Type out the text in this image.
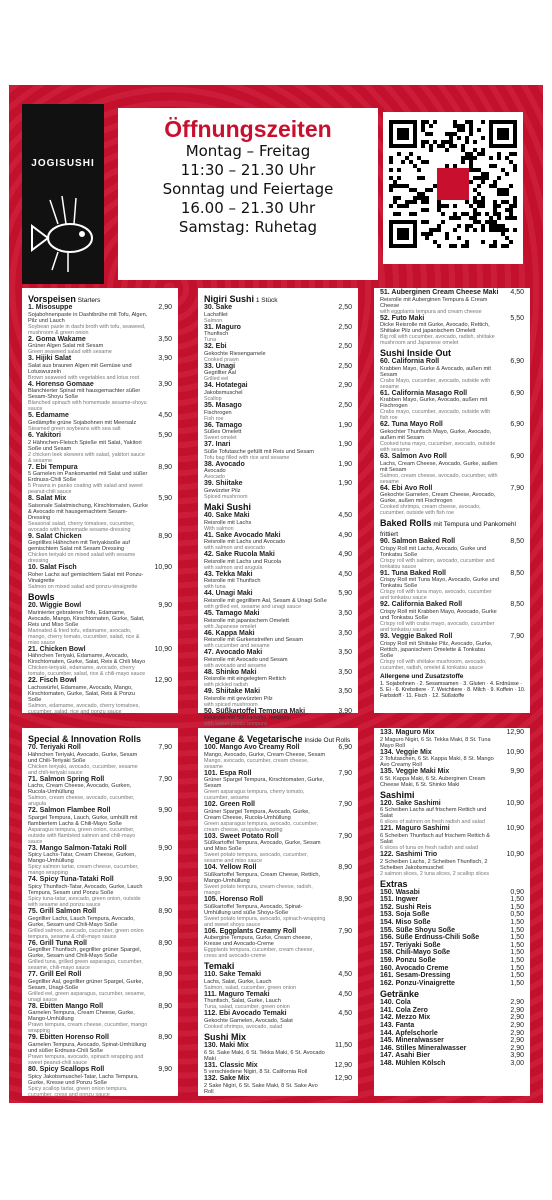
JOGISUSHI
Öffnungszeiten
Montag – Freitag
11:30 – 21.30 Uhr
Sonntag und Feiertage
16.00 – 21.30 Uhr
Samstag: Ruhetag
Vorspeisen Starters
1. Misosuppe	2,90
Sojabohnenpaste in Dashibrühe mit Tofu, Algen, Pilz und Lauch
Soybean paste in dashi broth with tofu, seaweed, mushroom & green onion
2. Goma Wakame	3,50
Grüner Algen Salat mit Sesam
Green seaweed salad with sesame
3. Hijiki Salat	3,90
Salat aus braunen Algen mit Gemüse und Lotuswurzeln
Brown seaweed with vegetables and lotus root
4. Horenso Gomaae	3,90
Blanchierter Spinat mit hausgemachter süßer Sesam-Shoyu Soße
Blanched spinach with homemade sesame-shoyu sauce
5. Edamame	4,50
Gedämpfte grüne Sojabohnen mit Meersalz
Steamed green soybeans with sea salt
6. Yakitori	5,90
2 Hähnchen-Fleisch Spieße mit Salat, Yakitori Soße und Sesam
2 chicken leek skewers with salad, yakitori sauce & sesame
7. Ebi Tempura	8,90
5 Garnelen im Pankomantel mit Salat und süßer Erdnuss-Chili Soße
5 Prawns in panko coating with salad and sweet peanut-chili sauce
8. Salat Mix	5,90
Saisonale Salatmischung, Kirschtomaten, Gurke & Avocado mit hausgemachtem Sesam-Dressing
Seasonal salad, cherry tomatoes, cucumber, avocado with homemade sesame-dressing
9. Salat Chicken	8,90
Gegrilltes Hähnchen mit Teriyakisoße auf gemischtem Salat mit Sesam Dressing
Chicken teriyaki on mixed salad with sesame dressing
10. Salat Fisch	10,90
Roher Lachs auf gemischtem Salat mit Ponzu-Vinaigrette
Salmon on mixed salad and ponzu-vinaigrette
Bowls
20. Wiggie Bowl	9,90
Marinierter gebratener Tofu, Edamame, Avocado, Mango, Kirschtomaten, Gurke, Salat, Reis und Miso Soße
Marinated & fried tofu, edamame, avocado, mango, cherry tomato, cucumber, salad, rice & miso sauce
21. Chicken Bowl	10,90
Hähnchen Teriyaki, Edamame, Avocado, Kirschtomaten, Gurke, Salat, Reis & Chili Mayo
Chicken-teriyaki, edamame, avocado, cherry tomato, cucumber, salad, rice & chili-mayo sauce
22. Fisch Bowl	12,90
Lachswürfel, Edamame, Avocado, Mango, Kirschtomaten, Gurke, Salat, Reis & Ponzu Soße
Salmon, edamame, avocado, cherry tomatoes, cucumber, salad, rice and ponzu sauce
Nigiri Sushi 1 Stück
30. Sake	2,50
Lachsfilet
Salmon
31. Maguro	2,50
Thunfisch
Tuna
32. Ebi	2,50
Gekochte Riesengarnele
Cooked prawn
33. Unagi	2,50
Gegrillter Aal
Grilled eel
34. Hotategai	2,90
Jakobsmuschel
Scallop
35. Masago	2,50
Fischrogen
Fish roe
36. Tamago	1,90
Süßes Omelett
Sweet omelet
37. Inari	1,90
Süße Tofutasche gefüllt mit Reis und Sesam
Tofu bag filled with rice and sesame
38. Avocado	1,90
Avocado
Avocado
39. Shiitake	1,90
Gewürzter Pilz
Spiced mushroom
Maki Sushi
40. Sake Maki	4,50
Reisrolle mit Lachs
With salmon
41. Sake Avocado Maki	4,90
Reisrolle mit Lachs und Avocado
with salmon and avocado
42. Sake Rucola Maki	4,90
Reisrolle mit Lachs und Rucola
with salmon and arugula
43. Tekka Maki	4,50
Reisrolle mit Thunfisch
with tuna
44. Unagi Maki	5,90
Reisrolle mit gegrilltem Aal, Sesam & Unagi Soße
with grilled eel, sesame and unagi sauce
45. Tamago Maki	3,50
Reisrolle mit japanischem Omelett
with Japanese omelet
46. Kappa Maki	3,50
Reisrolle mit Gurkenstreifen und Sesam
with cucumber and sesame
47. Avocado Maki	3,50
Reisrolle mit Avocado und Sesam
with avocado and sesame
48. Shinko Maki	3,50
Reisrolle mit eingelegtem Rettich
with pickled radish
49. Shiitake Maki	3,50
Reisrolle mit gewürzten Pilz
with spiced mushroom
50. Süßkartoffel Tempura Maki	3,90
Reisrolle mit Süßkartoffel Tempura
with sweet potato tempura
51. Auberginen Cream Cheese Maki 4,50
Reisrolle mit Auberginen Tempura & Cream Cheese
with eggplants tempura and cream cheese
52. Futo Maki	5,50
Dicke Reisrolle mit Gurke, Avocado, Rettich, Shiitake Pilz und japanischem Omelett
Big roll with cucumber, avocado, radish, shiitake mushroom and Japanese omelet
Sushi Inside Out
60. California Roll	6,90
Krabben Mayo, Gurke & Avocado, außen mit Sesam
Crabs Mayo, cucumber, avocado, outside with sesame
61. California Masago Roll	6,90
Krabben Mayo, Gurke, Avocado, außen mit Fischrogen
Crabs mayo, cucumber, avocado, outside with fish roe
62. Tuna Mayo Roll	6,90
Gekochter Thunfisch Mayo, Gurke, Avocado, außen mit Sesam
Cooked tuna mayo, cucumber, avocado, outside with sesame
63. Salmon Avo Roll	6,90
Lachs, Cream Cheese, Avocado, Gurke, außen mit Sesam
Salmon, cream cheese, avocado, cucumber, with sesame
64. Ebi Avo Roll	7,90
Gekochte Garnelen, Cream Cheese, Avocado, Gurke, außen mit Fischrogen
Cooked shrimps, cream cheese, avocado, cucumber, outside with fish roe
Baked Rolls mit Tempura und Pankomehl frittiert
90. Salmon Baked Roll	8,50
Crispy Roll mit Lachs, Avocado, Gurke und Tonkatsu Soße
Crispy roll with salmon, avocado, cucumber and tonkatsu sauce
91. Tuna Baked Roll	8,50
Crispy Roll mit Tuna Mayo, Avocado, Gurke und Tonkatsu Soße
Crispy roll with tuna mayo, avocado, cucumber and tonkatsu sauce
92. California Baked Roll	8,50
Crispy Roll mit Krabben Mayo, Avocado, Gurke und Tonkatsu Soße
Crispy roll with crabs mayo, avocado, cucumber and tonkatsu sauce
93. Veggie Baked Roll	7,90
Crispy Roll mit Shiitake Pilz, Avocado, Gurke, Rettich, japanischem Omelette & Tonkatsu Soße
Crispy roll with shiitake mushroom, avocado, cucumber, radish, omelet & tonkatsu sauce
Allergene und Zusatzstoffe
1. Sojabohnen · 2. Sesamsamen · 3. Gluten · 4. Erdnüsse · 5. Ei · 6. Krebstiere · 7. Weichtiere · 8. Milch · 9. Koffein · 10. Farbstoff · 11. Fisch · 12. Süßstoffe
Special & Innovation Rolls
70. Teriyaki Roll	7,90
Hähnchen Teriyaki, Avocado, Gurke, Sesam und Chili-Teriyaki Soße
Chicken teriyaki, avocado, cucumber, sesame and chili-teriyaki sauce
71. Salmon Spring Roll	7,90
Lachs, Cream Cheese, Avocado, Gurken, Rucola-Umhüllung
Salmon, cream cheese, avocado, cucumber, arugula
72. Salmon Flambee Roll	9,90
Spargel Tempura, Lauch, Gurke, umhüllt mit flambiertem Lachs & Chili-Mayo Soße
Asparagus tempura, green onion, cucumber, outside with flambéed salmon and chili-mayo sauce
73. Mango Salmon-Tataki Roll	9,90
Spicy Lachs-Tatar, Cream Cheese, Gurken, Mango-Umhüllung
Spicy salmon tartar, cream cheese, cucumber, mango wrapping
74. Spicy Tuna-Tataki Roll	9,90
Spicy Thunfisch-Tatar, Avocado, Gurke, Lauch Tempura, Sesam und Ponzu Soße
Spicy tuna-tatar, avocado, green onion, outside with sesame and ponzu sauce
75. Grill Salmon Roll	8,90
Gegrillter Lachs, Lauch Tempura, Avocado, Gurke, Sesam und Chili-Mayo Soße
Grilled salmon, avocado, cucumber, green onion tempura, sesame & chili-mayo sauce
76. Grill Tuna Roll	8,90
Gegrillter Thunfisch, gegrillter grüner Spargel, Gurke, Sesam und Chili-Mayo Soße
Grilled tuna, grilled green asparagus, cucumber, sesame, chili-mayo sauce
77. Grill Eel Roll	8,90
Gegrillter Aal, gegrillter grüner Spargel, Gurke, Sesam, Unagi-Soße
Grilled eel, green asparagus, cucumber, sesame, unagi sauce
78. Ebitten Mango Roll	8,90
Garnelen Tempura, Cream Cheese, Gurke, Mango-Umhüllung
Prawn tempura, cream cheese, cucumber, mango wrapping
79. Ebitten Horenso Roll	8,90
Garnelen Tempura, Avocado, Spinat-Umhüllung und süßer Erdnuss-Chili Soße
Prawn tempura, avocado, spinach wrapping and sweet peanut-chili sauce
80. Spicy Scallops Roll	9,90
Spicy Jakobsmuschel-Tatar, Lachs Tempura, Gurke, Kresse und Ponzu Soße
Spicy scallop tartar, green onion tempura, cucumber, cress and ponzu sauce
Vegane & Vegetarische Inside Out Rolls
100. Mango Avo Creamy Roll	6,90
Mango, Avocado, Gurke, Cream Cheese, Sesam
Mango, avocado, cucumber, cream cheese, sesame
101. Espa Roll	7,90
Grüner Spargel Tempura, Kirschtomaten, Gurke, Sesam
Green asparagus tempura, cherry tomato, cucumber, sesame
102. Green Roll	7,90
Grüner Spargel Tempura, Avocado, Gurke, Cream Cheese, Rucola-Umhüllung
Green asparagus tempura, avocado, cucumber, cream cheese, arugula-wrapping
103. Sweet Potato Roll	7,90
Süßkartoffel Tempura, Avocado, Gurke, Sesam und Miso Soße
Sweet potato tempura, avocado, cucumber, sesame and miso sauce
104. Yellow Roll	8,90
Süßkartoffel Tempura, Cream Cheese, Rettich, Mango-Umhüllung
Sweet potato tempura, cream cheese, radish, mango
105. Horenso Roll	8,90
Süßkartoffel Tempura, Avocado, Spinat-Umhüllung und süße Shoyu-Soße
Sweet potato tempura, avocado, spinach-wrapping and sweet shoyu sauce
106. Eggplants Creamy Roll	7,90
Aubergine Tempura, Gurke, Cream cheese, Kresse und Avocado-Creme
Eggplants tempura, cucumber, cream cheese, cress and avocado-creme
Temaki
110. Sake Temaki	4,50
Lachs, Salat, Gurke, Lauch
Salmon, salad, cucumber, green onion
111. Maguro Temaki	4,50
Thunfisch, Salat, Gurke, Lauch
Tuna, salad, cucumber, green onion
112. Ebi Avocado Temaki	4,50
Gekochte Garnelen, Avocado, Salat
Cooked shrimps, avocado, salad
Sushi Mix
130. Maki Mix	11,50
6 St. Sake Maki, 6 St. Tekka Maki, 6 St. Avocado Maki
131. Classic Mix	12,90
5 verschiedene Nigiri, 8 St. California Roll
132. Sake Mix	12,90
2 Sake Nigiri, 6 St. Sake Maki, 8 St. Sake Avo Roll
133. Maguro Mix	12,90
2 Maguro Nigiri, 6 St. Tekka Maki, 8 St. Tuna Mayo Roll
134. Veggie Mix	10,90
2 Tofutaschen, 6 St. Kappa Maki, 8 St. Mango Avo Creamy Roll
135. Veggie Maki Mix	9,90
6 St. Kappa Maki, 6 St. Auberginen Cream Cheese Maki, 6 St. Shinko Maki
Sashimi
120. Sake Sashimi	10,90
6 Scheiben Lachs auf frischem Rettich und Salat
6 slices of salmon on fresh radish and salad
121. Maguro Sashimi	10,90
6 Scheiben Thunfisch auf frischem Rettich & Salat
6 slices of tuna on fresh radish and salad
122. Sashimi Trio	10,90
2 Scheiben Lachs, 2 Scheiben Thunfisch, 2 Scheiben Jakobsmuschel
2 salmon slices, 2 tuna slices, 2 scallop slices
Extras
150. Wasabi	0,90
151. Ingwer	1,50
152. Sushi Reis	1,50
153. Soja Soße	0,50
154. Miso Soße	1,50
155. Süße Shoyu Soße	1,50
156. Süße Erdnuss-Chili Soße	1,50
157. Teriyaki Soße	1,50
158. Chili-Mayo Soße	1,50
159. Ponzu Soße	1,50
160. Avocado Creme	1,50
161. Sesam-Dressing	1,50
162. Ponzu-Vinaigrette	1,50
Getränke
140. Cola	2,90
141. Cola Zero	2,90
142. Mezzo Mix	2,90
143. Fanta	2,90
144. Apfelschorle	2,90
145. Mineralwasser	2,90
146. Stilles Mineralwasser	2,90
147. Asahi Bier	3,90
148. Mühlen Kölsch	3,00
